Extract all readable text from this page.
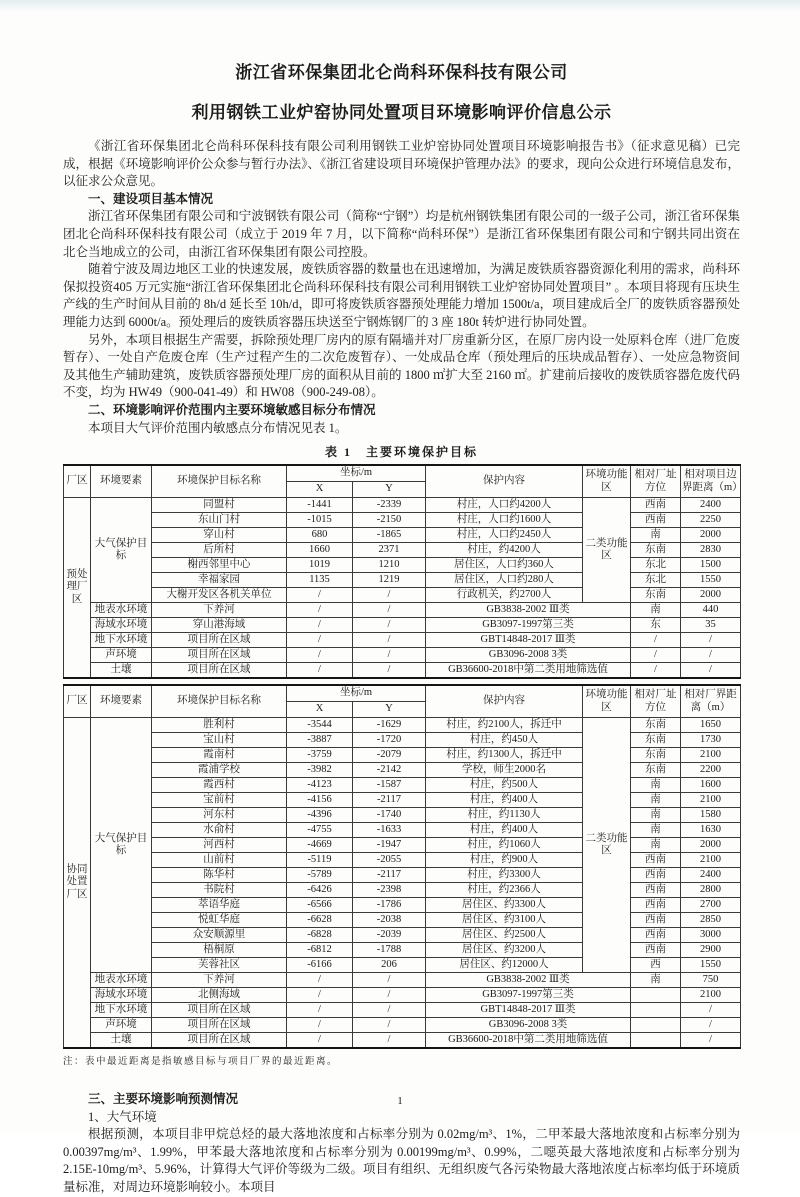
浙江省环保集团北仑尚科环保科技有限公司
利用钢铁工业炉窑协同处置项目环境影响评价信息公示

《浙江省环保集团北仑尚科环保科技有限公司利用钢铁工业炉窑协同处置项目环境影响报告书》（征求意见稿）已完成，根据《环境影响评价公众参与暂行办法》、《浙江省建设项目环境保护管理办法》的要求，现向公众进行环境信息发布，以征求公众意见。

一、建设项目基本情况

浙江省环保集团有限公司和宁波钢铁有限公司（简称“宁钢”）均是杭州钢铁集团有限公司的一级子公司，浙江省环保集团北仑尚科环保科技有限公司（成立于 2019 年 7 月，以下简称“尚科环保”）是浙江省环保集团有限公司和宁钢共同出资在北仑当地成立的公司，由浙江省环保集团有限公司控股。

随着宁波及周边地区工业的快速发展，废铁质容器的数量也在迅速增加，为满足废铁质容器资源化利用的需求，尚科环保拟投资405 万元实施“浙江省环保集团北仑尚科环保科技有限公司利用钢铁工业炉窑协同处置项目” 。本项目将现有压块生产线的生产时间从目前的 8h/d 延长至 10h/d，即可将废铁质容器预处理能力增加 1500t/a，项目建成后全厂的废铁质容器预处理能力达到 6000t/a。预处理后的废铁质容器压块送至宁钢炼钢厂的 3 座 180t 转炉进行协同处置。

另外，本项目根据生产需要，拆除预处理厂房内的原有隔墙并对厂房重新分区，在原厂房内设一处原料仓库（进厂危废暂存）、一处自产危废仓库（生产过程产生的二次危废暂存）、一处成品仓库（预处理后的压块成品暂存）、一处应急物资间及其他生产辅助建筑，废铁质容器预处理厂房的面积从目前的 1800 ㎡扩大至 2160 ㎡。扩建前后接收的废铁质容器危废代码不变，均为 HW49（900-041-49）和 HW08（900-249-08）。

二、环境影响评价范围内主要环境敏感目标分布情况

本项目大气评价范围内敏感点分布情况见表 1。

表 1　主要环境保护目标

厂区	环境要素	环境保护目标名称	坐标/m		保护内容	环境功能区	相对厂址方位	相对项目边界距离（m）
			X	Y				
预处理厂区	大气保护目标	同盟村	-1441	-2339	村庄，人口约4200人	二类功能区	西南	2400
		东山门村	-1015	-2150	村庄，人口约1600人		西南	2250
		穿山村	680	-1865	村庄，人口约2450人		南	2000
		后所村	1660	2371	村庄，约4200人		东南	2830
		榭西邻里中心	1019	1210	居住区，人口约360人		东北	1500
		幸福家园	1135	1219	居住区，人口约280人		东北	1550
		大榭开发区各机关单位	/	/	行政机关，约2700人		东南	2000
	地表水环境	下养河	/	/	GB3838-2002 Ⅲ类		南	440
	海域水环境	穿山港海域	/	/	GB3097-1997第三类		东	35
	地下水环境	项目所在区域	/	/	GBT14848-2017 Ⅲ类		/	/
	声环境	项目所在区域	/	/	GB3096-2008 3类		/	/
	土壤	项目所在区域	/	/	GB36600-2018中第二类用地筛选值		/	/
厂区	环境要素	环境保护目标名称	坐标/m		保护内容	环境功能区	相对厂址方位	相对厂界距离（m）
			X	Y				
协同处置厂区	大气保护目标	胜利村	-3544	-1629	村庄，约2100人，拆迁中	二类功能区	东南	1650
		宝山村	-3887	-1720	村庄，约450人		东南	1730
		霞南村	-3759	-2079	村庄，约1300人，拆迁中		东南	2100
		霞浦学校	-3982	-2142	学校，师生2000名		东南	2200
		霞西村	-4123	-1587	村庄，约500人		南	1600
		宝前村	-4156	-2117	村庄，约400人		南	2100
		河东村	-4396	-1740	村庄，约1130人		南	1580
		水俞村	-4755	-1633	村庄，约400人		南	1630
		河西村	-4669	-1947	村庄，约1060人		南	2000
		山前村	-5119	-2055	村庄，约900人		西南	2100
		陈华村	-5789	-2117	村庄，约3300人		西南	2400
		书院村	-6426	-2398	村庄，约2366人		西南	2800
		萃语华庭	-6566	-1786	居住区、约3300人		西南	2700
		悦虹华庭	-6628	-2038	居住区、约3100人		西南	2850
		众安顺源里	-6828	-2039	居住区、约2500人		西南	3000
		梧桐原	-6812	-1788	居住区、约3200人		西南	2900
		芙蓉社区	-6166	206	居住区、约12000人		西	1550
	地表水环境	下养河	/	/	GB3838-2002 Ⅲ类		南	750
	海域水环境	北侧海域	/	/	GB3097-1997第三类			2100
	地下水环境	项目所在区域	/	/	GBT14848-2017 Ⅲ类			/
	声环境	项目所在区域	/	/	GB3096-2008 3类			/
	土壤	项目所在区域	/	/	GB36600-2018中第二类用地筛选值			/

注：表中最近距离是指敏感目标与项目厂界的最近距离。

三、主要环境影响预测情况

1、大气环境

根据预测，本项目非甲烷总烃的最大落地浓度和占标率分别为 0.02mg/m³、1%，二甲苯最大落地浓度和占标率分别为 0.00397mg/m³、1.99%，甲苯最大落地浓度和占标率分别为 0.00199mg/m³、0.99%，二噁英最大落地浓度和占标率分别为 2.15E-10mg/m³、5.96%，计算得大气评价等级为二级。项目有组织、无组织废气各污染物最大落地浓度占标率均低于环境质量标准，对周边环境影响较小。本项目

1
